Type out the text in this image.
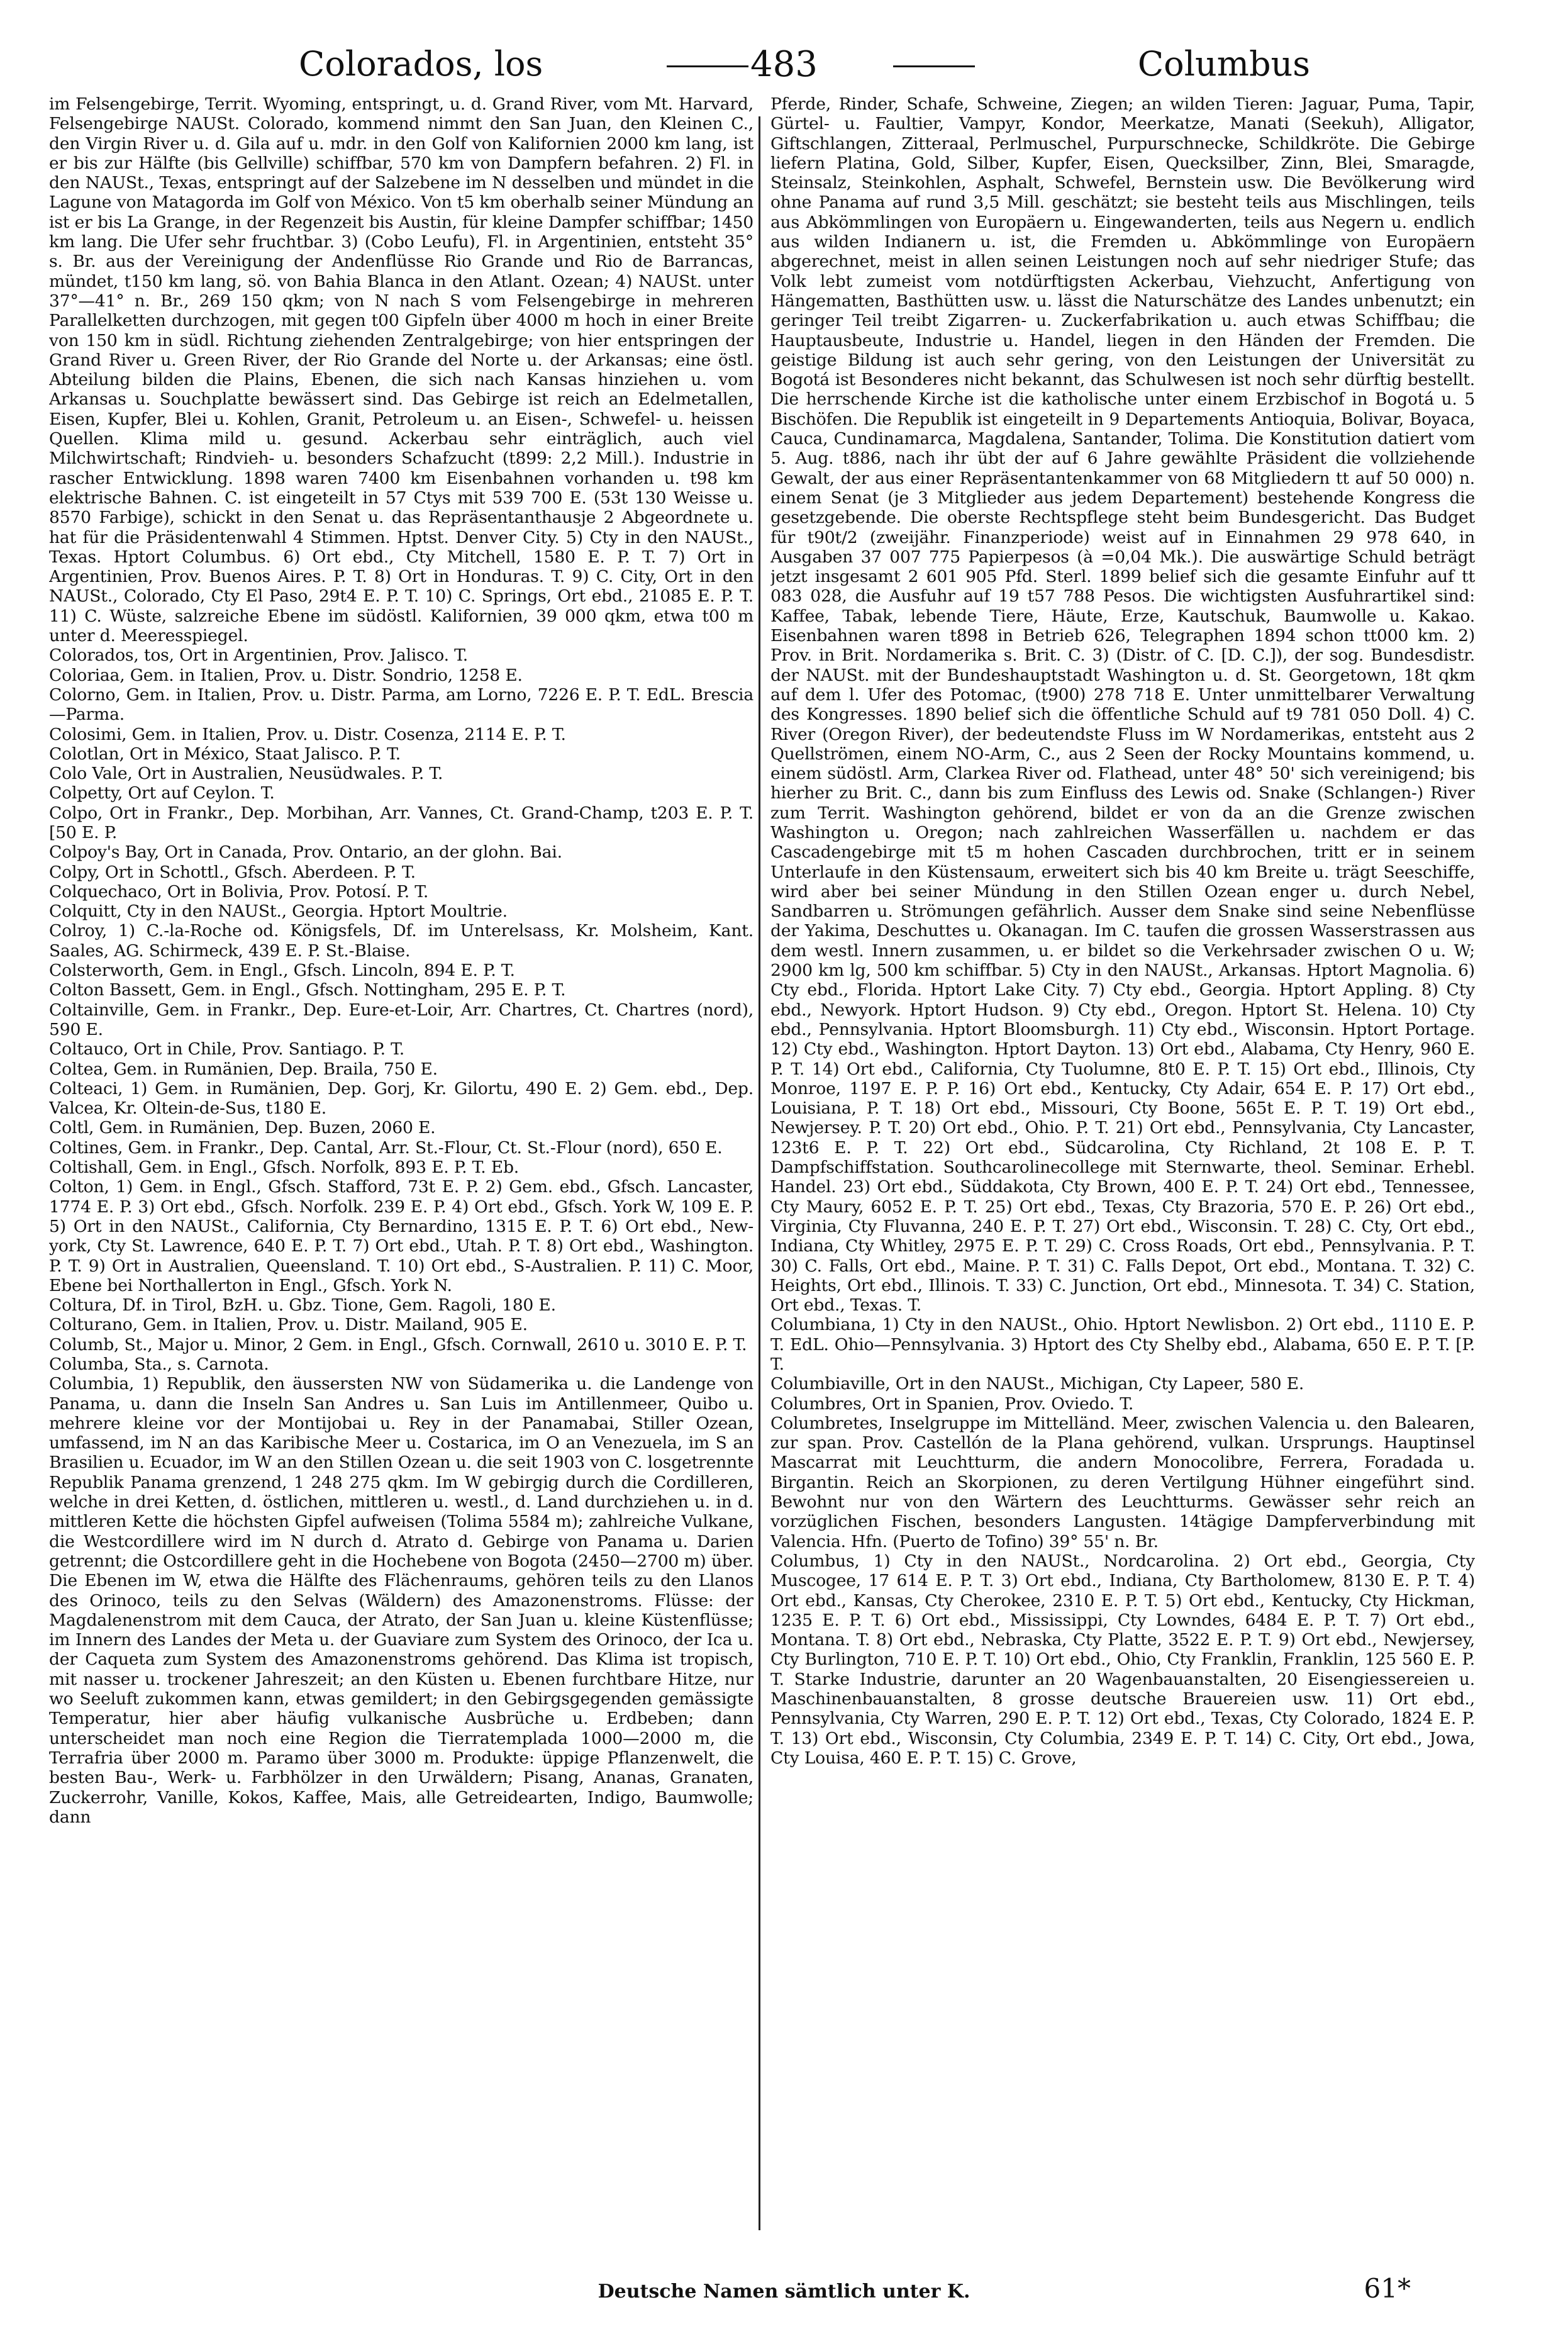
Colorados, los	483	Columbus

im Felsengebirge, Territ. Wyoming, entspringt, u. d. Grand River, vom Mt. Harvard, Felsengebirge NAUSt. Colorado, kommend nimmt den San Juan, den Kleinen C., den Virgin River u. d. Gila auf u. mdr. in den Golf von Kalifornien 2000 km lang, ist er bis zur Hälfte (bis Gellville) schiffbar, 570 km von Dampfern befahren. 2) Fl. in den NAUSt., Texas, entspringt auf der Salzebene im N desselben und mündet in die Lagune von Matagorda im Golf von México. Von t5 km oberhalb seiner Mündung an ist er bis La Grange, in der Regenzeit bis Austin, für kleine Dampfer schiffbar; 1450 km lang. Die Ufer sehr fruchtbar. 3) (Cobo Leufu), Fl. in Argentinien, entsteht 35° s. Br. aus der Vereinigung der Andenflüsse Rio Grande und Rio de Barrancas, mündet, t150 km lang, sö. von Bahia Blanca in den Atlant. Ozean; 4) NAUSt. unter 37°—41° n. Br., 269 150 qkm; von N nach S vom Felsengebirge in mehreren Parallelketten durchzogen, mit gegen t00 Gipfeln über 4000 m hoch in einer Breite von 150 km in südl. Richtung ziehenden Zentralgebirge; von hier entspringen der Grand River u. Green River, der Rio Grande del Norte u. der Arkansas; eine östl. Abteilung bilden die Plains, Ebenen, die sich nach Kansas hinziehen u. vom Arkansas u. Souchplatte bewässert sind. Das Gebirge ist reich an Edelmetallen, Eisen, Kupfer, Blei u. Kohlen, Granit, Petroleum u. an Eisen-, Schwefel- u. heissen Quellen. Klima mild u. gesund. Ackerbau sehr einträglich, auch viel Milchwirtschaft; Rindvieh- u. besonders Schafzucht (t899: 2,2 Mill.). Industrie in rascher Entwicklung. 1898 waren 7400 km Eisenbahnen vorhanden u. t98 km elektrische Bahnen. C. ist eingeteilt in 57 Ctys mit 539 700 E. (53t 130 Weisse u. 8570 Farbige), schickt in den Senat u. das Repräsentanthausje 2 Abgeordnete u. hat für die Präsidentenwahl 4 Stimmen. Hptst. Denver City. 5) Cty in den NAUSt., Texas. Hptort Columbus. 6) Ort ebd., Cty Mitchell, 1580 E. P. T. 7) Ort in Argentinien, Prov. Buenos Aires. P. T. 8) Ort in Honduras. T. 9) C. City, Ort in den NAUSt., Colorado, Cty El Paso, 29t4 E. P. T. 10) C. Springs, Ort ebd., 21085 E. P. T. 11) C. Wüste, salzreiche Ebene im südöstl. Kalifornien, 39 000 qkm, etwa t00 m unter d. Meeresspiegel.

Colorados, tos, Ort in Argentinien, Prov. Jalisco. T.

Coloriaa, Gem. in Italien, Prov. u. Distr. Sondrio, 1258 E.

Colorno, Gem. in Italien, Prov. u. Distr. Parma, am Lorno, 7226 E. P. T. EdL. Brescia—Parma.

Colosimi, Gem. in Italien, Prov. u. Distr. Cosenza, 2114 E. P. T.

Colotlan, Ort in México, Staat Jalisco. P. T.

Colo Vale, Ort in Australien, Neusüdwales. P. T.

Colpetty, Ort auf Ceylon. T.

Colpo, Ort in Frankr., Dep. Morbihan, Arr. Vannes, Ct. Grand-Champ, t203 E. P. T. [50 E. P.

Colpoy's Bay, Ort in Canada, Prov. Ontario, an der glohn. Bai.

Colpy, Ort in Schottl., Gfsch. Aberdeen. P. T.

Colquechaco, Ort in Bolivia, Prov. Potosí. P. T.

Colquitt, Cty in den NAUSt., Georgia. Hptort Moultrie.

Colroy, 1) C.-la-Roche od. Königsfels, Df. im Unterelsass, Kr. Molsheim, Kant. Saales, AG. Schirmeck, 439 E. P. St.-Blaise.

Colsterworth, Gem. in Engl., Gfsch. Lincoln, 894 E. P. T.

Colton Bassett, Gem. in Engl., Gfsch. Nottingham, 295 E. P. T.

Coltainville, Gem. in Frankr., Dep. Eure-et-Loir, Arr. Chartres, Ct. Chartres (nord), 590 E.

Coltauco, Ort in Chile, Prov. Santiago. P. T.

Coltea, Gem. in Rumänien, Dep. Braila, 750 E.

Colteaci, 1) Gem. in Rumänien, Dep. Gorj, Kr. Gilortu, 490 E. 2) Gem. ebd., Dep. Valcea, Kr. Oltein-de-Sus, t180 E.

Coltl, Gem. in Rumänien, Dep. Buzen, 2060 E.

Coltines, Gem. in Frankr., Dep. Cantal, Arr. St.-Flour, Ct. St.-Flour (nord), 650 E.

Coltishall, Gem. in Engl., Gfsch. Norfolk, 893 E. P. T. Eb.

Colton, 1) Gem. in Engl., Gfsch. Stafford, 73t E. P. 2) Gem. ebd., Gfsch. Lancaster, 1774 E. P. 3) Ort ebd., Gfsch. Norfolk. 239 E. P. 4) Ort ebd., Gfsch. York W, 109 E. P. 5) Ort in den NAUSt., California, Cty Bernardino, 1315 E. P. T. 6) Ort ebd., New-york, Cty St. Lawrence, 640 E. P. T. 7) Ort ebd., Utah. P. T. 8) Ort ebd., Washington. P. T. 9) Ort in Australien, Queensland. T. 10) Ort ebd., S-Australien. P. 11) C. Moor, Ebene bei Northallerton in Engl., Gfsch. York N.

Coltura, Df. in Tirol, BzH. u. Gbz. Tione, Gem. Ragoli, 180 E.

Colturano, Gem. in Italien, Prov. u. Distr. Mailand, 905 E.

Columb, St., Major u. Minor, 2 Gem. in Engl., Gfsch. Cornwall, 2610 u. 3010 E. P. T.

Columba, Sta., s. Carnota.

Columbia, 1) Republik, den äussersten NW von Südamerika u. die Landenge von Panama, u. dann die Inseln San Andres u. San Luis im Antillenmeer, Quibo u. mehrere kleine vor der Montijobai u. Rey in der Panamabai, Stiller Ozean, umfassend, im N an das Karibische Meer u. Costarica, im O an Venezuela, im S an Brasilien u. Ecuador, im W an den Stillen Ozean u. die seit 1903 von C. losgetrennte Republik Panama grenzend, 1 248 275 qkm. Im W gebirgig durch die Cordilleren, welche in drei Ketten, d. östlichen, mittleren u. westl., d. Land durchziehen u. in d. mittleren Kette die höchsten Gipfel aufweisen (Tolima 5584 m); zahlreiche Vulkane, die Westcordillere wird im N durch d. Atrato d. Gebirge von Panama u. Darien getrennt; die Ostcordillere geht in die Hochebene von Bogota (2450—2700 m) über. Die Ebenen im W, etwa die Hälfte des Flächenraums, gehören teils zu den Llanos des Orinoco, teils zu den Selvas (Wäldern) des Amazonenstroms. Flüsse: der Magdalenenstrom mit dem Cauca, der Atrato, der San Juan u. kleine Küstenflüsse; im Innern des Landes der Meta u. der Guaviare zum System des Orinoco, der Ica u. der Caqueta zum System des Amazonenstroms gehörend. Das Klima ist tropisch, mit nasser u. trockener Jahreszeit; an den Küsten u. Ebenen furchtbare Hitze, nur wo Seeluft zukommen kann, etwas gemildert; in den Gebirgsgegenden gemässigte Temperatur, hier aber häufig vulkanische Ausbrüche u. Erdbeben; dann unterscheidet man noch eine Region die Tierratemplada 1000—2000 m, die Terrafria über 2000 m. Paramo über 3000 m. Produkte: üppige Pflanzenwelt, die besten Bau-, Werk- u. Farbhölzer in den Urwäldern; Pisang, Ananas, Granaten, Zuckerrohr, Vanille, Kokos, Kaffee, Mais, alle Getreidearten, Indigo, Baumwolle; dann

Pferde, Rinder, Schafe, Schweine, Ziegen; an wilden Tieren: Jaguar, Puma, Tapir, Gürtel- u. Faultier, Vampyr, Kondor, Meerkatze, Manati (Seekuh), Alligator, Giftschlangen, Zitteraal, Perlmuschel, Purpurschnecke, Schildkröte. Die Gebirge liefern Platina, Gold, Silber, Kupfer, Eisen, Quecksilber, Zinn, Blei, Smaragde, Steinsalz, Steinkohlen, Asphalt, Schwefel, Bernstein usw. Die Bevölkerung wird ohne Panama auf rund 3,5 Mill. geschätzt; sie besteht teils aus Mischlingen, teils aus Abkömmlingen von Europäern u. Eingewanderten, teils aus Negern u. endlich aus wilden Indianern u. ist, die Fremden u. Abkömmlinge von Europäern abgerechnet, meist in allen seinen Leistungen noch auf sehr niedriger Stufe; das Volk lebt zumeist vom notdürftigsten Ackerbau, Viehzucht, Anfertigung von Hängematten, Basthütten usw. u. lässt die Naturschätze des Landes unbenutzt; ein geringer Teil treibt Zigarren- u. Zuckerfabrikation u. auch etwas Schiffbau; die Hauptausbeute, Industrie u. Handel, liegen in den Händen der Fremden. Die geistige Bildung ist auch sehr gering, von den Leistungen der Universität zu Bogotá ist Besonderes nicht bekannt, das Schulwesen ist noch sehr dürftig bestellt. Die herrschende Kirche ist die katholische unter einem Erzbischof in Bogotá u. 5 Bischöfen. Die Republik ist eingeteilt in 9 Departements Antioquia, Bolivar, Boyaca, Cauca, Cundinamarca, Magdalena, Santander, Tolima. Die Konstitution datiert vom 5. Aug. t886, nach ihr übt der auf 6 Jahre gewählte Präsident die vollziehende Gewalt, der aus einer Repräsentantenkammer von 68 Mitgliedern tt auf 50 000) n. einem Senat (je 3 Mitglieder aus jedem Departement) bestehende Kongress die gesetzgebende. Die oberste Rechtspflege steht beim Bundesgericht. Das Budget für t90t/2 (zweijähr. Finanzperiode) weist auf in Einnahmen 29 978 640, in Ausgaben 37 007 775 Papierpesos (à =0,04 Mk.). Die auswärtige Schuld beträgt jetzt insgesamt 2 601 905 Pfd. Sterl. 1899 belief sich die gesamte Einfuhr auf tt 083 028, die Ausfuhr auf 19 t57 788 Pesos. Die wichtigsten Ausfuhrartikel sind: Kaffee, Tabak, lebende Tiere, Häute, Erze, Kautschuk, Baumwolle u. Kakao. Eisenbahnen waren t898 in Betrieb 626, Telegraphen 1894 schon tt000 km. 2) Prov. in Brit. Nordamerika s. Brit. C. 3) (Distr. of C. [D. C.]), der sog. Bundesdistr. der NAUSt. mit der Bundeshauptstadt Washington u. d. St. Georgetown, 18t qkm auf dem l. Ufer des Potomac, (t900) 278 718 E. Unter unmittelbarer Verwaltung des Kongresses. 1890 belief sich die öffentliche Schuld auf t9 781 050 Doll. 4) C. River (Oregon River), der bedeutendste Fluss im W Nordamerikas, entsteht aus 2 Quellströmen, einem NO-Arm, C., aus 2 Seen der Rocky Mountains kommend, u. einem südöstl. Arm, Clarkea River od. Flathead, unter 48° 50' sich vereinigend; bis hierher zu Brit. C., dann bis zum Einfluss des Lewis od. Snake (Schlangen-) River zum Territ. Washington gehörend, bildet er von da an die Grenze zwischen Washington u. Oregon; nach zahlreichen Wasserfällen u. nachdem er das Cascadengebirge mit t5 m hohen Cascaden durchbrochen, tritt er in seinem Unterlaufe in den Küstensaum, erweitert sich bis 40 km Breite u. trägt Seeschiffe, wird aber bei seiner Mündung in den Stillen Ozean enger u. durch Nebel, Sandbarren u. Strömungen gefährlich. Ausser dem Snake sind seine Nebenflüsse der Yakima, Deschuttes u. Okanagan. Im C. taufen die grossen Wasserstrassen aus dem westl. Innern zusammen, u. er bildet so die Verkehrsader zwischen O u. W; 2900 km lg, 500 km schiffbar. 5) Cty in den NAUSt., Arkansas. Hptort Magnolia. 6) Cty ebd., Florida. Hptort Lake City. 7) Cty ebd., Georgia. Hptort Appling. 8) Cty ebd., Newyork. Hptort Hudson. 9) Cty ebd., Oregon. Hptort St. Helena. 10) Cty ebd., Pennsylvania. Hptort Bloomsburgh. 11) Cty ebd., Wisconsin. Hptort Portage. 12) Cty ebd., Washington. Hptort Dayton. 13) Ort ebd., Alabama, Cty Henry, 960 E. P. T. 14) Ort ebd., California, Cty Tuolumne, 8t0 E. P. T. 15) Ort ebd., Illinois, Cty Monroe, 1197 E. P. P. 16) Ort ebd., Kentucky, Cty Adair, 654 E. P. 17) Ort ebd., Louisiana, P. T. 18) Ort ebd., Missouri, Cty Boone, 565t E. P. T. 19) Ort ebd., Newjersey. P. T. 20) Ort ebd., Ohio. P. T. 21) Ort ebd., Pennsylvania, Cty Lancaster, 123t6 E. P. T. 22) Ort ebd., Südcarolina, Cty Richland, 2t 108 E. P. T. Dampfschiffstation. Southcarolinecollege mit Sternwarte, theol. Seminar. Erhebl. Handel. 23) Ort ebd., Süddakota, Cty Brown, 400 E. P. T. 24) Ort ebd., Tennessee, Cty Maury, 6052 E. P. T. 25) Ort ebd., Texas, Cty Brazoria, 570 E. P. 26) Ort ebd., Virginia, Cty Fluvanna, 240 E. P. T. 27) Ort ebd., Wisconsin. T. 28) C. Cty, Ort ebd., Indiana, Cty Whitley, 2975 E. P. T. 29) C. Cross Roads, Ort ebd., Pennsylvania. P. T. 30) C. Falls, Ort ebd., Maine. P. T. 31) C. Falls Depot, Ort ebd., Montana. T. 32) C. Heights, Ort ebd., Illinois. T. 33) C. Junction, Ort ebd., Minnesota. T. 34) C. Station, Ort ebd., Texas. T.

Columbiana, 1) Cty in den NAUSt., Ohio. Hptort Newlisbon. 2) Ort ebd., 1110 E. P. T. EdL. Ohio—Pennsylvania. 3) Hptort des Cty Shelby ebd., Alabama, 650 E. P. T. [P. T.

Columbiaville, Ort in den NAUSt., Michigan, Cty Lapeer, 580 E.

Columbres, Ort in Spanien, Prov. Oviedo. T.

Columbretes, Inselgruppe im Mittelländ. Meer, zwischen Valencia u. den Balearen, zur span. Prov. Castellón de la Plana gehörend, vulkan. Ursprungs. Hauptinsel Mascarrat mit Leuchtturm, die andern Monocolibre, Ferrera, Foradada u. Birgantin. Reich an Skorpionen, zu deren Vertilgung Hühner eingeführt sind. Bewohnt nur von den Wärtern des Leuchtturms. Gewässer sehr reich an vorzüglichen Fischen, besonders Langusten. 14tägige Dampferverbindung mit Valencia. Hfn. (Puerto de Tofino) 39° 55' n. Br.

Columbus, 1) Cty in den NAUSt., Nordcarolina. 2) Ort ebd., Georgia, Cty Muscogee, 17 614 E. P. T. 3) Ort ebd., Indiana, Cty Bartholomew, 8130 E. P. T. 4) Ort ebd., Kansas, Cty Cherokee, 2310 E. P. T. 5) Ort ebd., Kentucky, Cty Hickman, 1235 E. P. T. 6) Ort ebd., Mississippi, Cty Lowndes, 6484 E. P. T. 7) Ort ebd., Montana. T. 8) Ort ebd., Nebraska, Cty Platte, 3522 E. P. T. 9) Ort ebd., Newjersey, Cty Burlington, 710 E. P. T. 10) Ort ebd., Ohio, Cty Franklin, Franklin, 125 560 E. P. T. Starke Industrie, darunter an 20 Wagenbauanstalten, 20 Eisengiessereien u. Maschinenbauanstalten, 8 grosse deutsche Brauereien usw. 11) Ort ebd., Pennsylvania, Cty Warren, 290 E. P. T. 12) Ort ebd., Texas, Cty Colorado, 1824 E. P. T. 13) Ort ebd., Wisconsin, Cty Columbia, 2349 E. P. T. 14) C. City, Ort ebd., Jowa, Cty Louisa, 460 E. P. T. 15) C. Grove,

Deutsche Namen sämtlich unter K.	61*
